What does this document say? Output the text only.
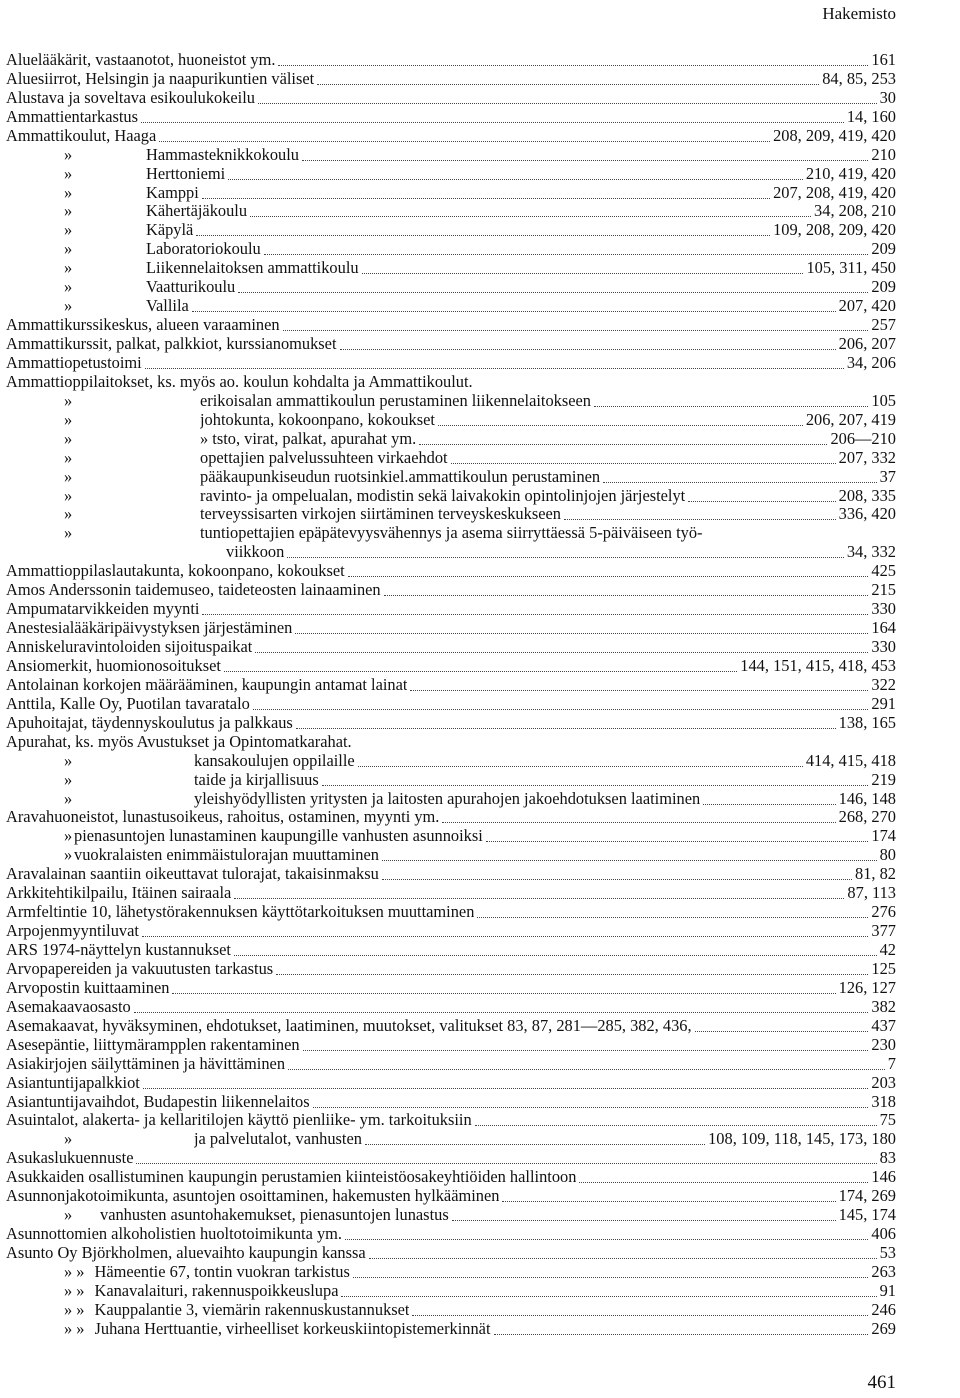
Hakemisto
Aluelääkärit, vastaanotot, huoneistot ym.	161
Aluesiirrot, Helsingin ja naapurikuntien väliset	84, 85, 253
Alustava ja soveltava esikoulukokeilu	30
Ammattientarkastus	14, 160
Ammattikoulut, Haaga	208, 209, 419, 420
»	Hammasteknikkokoulu	210
»	Herttoniemi	210, 419, 420
»	Kamppi	207, 208, 419, 420
»	Kähertäjäkoulu	34, 208, 210
»	Käpylä	109, 208, 209, 420
»	Laboratoriokoulu	209
»	Liikennelaitoksen ammattikoulu	105, 311, 450
»	Vaatturikoulu	209
»	Vallila	207, 420
Ammattikurssikeskus, alueen varaaminen	257
Ammattikurssit, palkat, palkkiot, kurssianomukset	206, 207
Ammattiopetustoimi	34, 206
Ammattioppilaitokset, ks. myös ao. koulun kohdalta ja Ammattikoulut.
»	erikoisalan ammattikoulun perustaminen liikennelaitokseen	105
»	johtokunta, kokoonpano, kokoukset	206, 207, 419
»	» tsto, virat, palkat, apurahat ym.	206—210
»	opettajien palvelussuhteen virkaehdot	207, 332
»	pääkaupunkiseudun ruotsinkiel.ammattikoulun perustaminen	37
»	ravinto- ja ompelualan, modistin sekä laivakokin opintolinjojen järjestelyt	208, 335
»	terveyssisarten virkojen siirtäminen terveyskeskukseen	336, 420
»	tuntiopettajien epäpätevyysvähennys ja asema siirryttäessä 5-päiväiseen työ-
viikkoon	34, 332
Ammattioppilaslautakunta, kokoonpano, kokoukset	425
Amos Anderssonin taidemuseo, taideteosten lainaaminen	215
Ampumatarvikkeiden myynti	330
Anestesialääkäripäivystyksen järjestäminen	164
Anniskeluravintoloiden sijoituspaikat	330
Ansiomerkit, huomionosoitukset	144, 151, 415, 418, 453
Antolainan korkojen määrääminen, kaupungin antamat lainat	322
Anttila, Kalle Oy, Puotilan tavaratalo	291
Apuhoitajat, täydennyskoulutus ja palkkaus	138, 165
Apurahat, ks. myös Avustukset ja Opintomatkarahat.
»	kansakoulujen oppilaille	414, 415, 418
»	taide ja kirjallisuus	219
»	yleishyödyllisten yritysten ja laitosten apurahojen jakoehdotuksen laatiminen	146, 148
Aravahuoneistot, lunastusoikeus, rahoitus, ostaminen, myynti ym.	268, 270
» pienasuntojen lunastaminen kaupungille vanhusten asunnoiksi	174
» vuokralaisten enimmäistulorajan muuttaminen	80
Aravalainan saantiin oikeuttavat tulorajat, takaisinmaksu	81, 82
Arkkitehtikilpailu, Itäinen sairaala	87, 113
Armfeltintie 10, lähetystörakennuksen käyttötarkoituksen muuttaminen	276
Arpojenmyyntiluvat	377
ARS 1974-näyttelyn kustannukset	42
Arvopapereiden ja vakuutusten tarkastus	125
Arvopostin kuittaaminen	126, 127
Asemakaavaosasto	382
Asemakaavat, hyväksyminen, ehdotukset, laatiminen, muutokset, valitukset 83, 87, 281—285, 382, 436,	437
Asesepäntie, liittymärampplen rakentaminen	230
Asiakirjojen säilyttäminen ja hävittäminen	7
Asiantuntijapalkkiot	203
Asiantuntijavaihdot, Budapestin liikennelaitos	318
Asuintalot, alakerta- ja kellaritilojen käyttö pienliike- ym. tarkoituksiin	75
»	ja palvelutalot, vanhusten	108, 109, 118, 145, 173, 180
Asukaslukuennuste	83
Asukkaiden osallistuminen kaupungin perustamien kiinteistöosakeyhtiöiden hallintoon	146
Asunnonjakotoimikunta, asuntojen osoittaminen, hakemusten hylkääminen	174, 269
»	vanhusten asuntohakemukset, pienasuntojen lunastus	145, 174
Asunnottomien alkoholistien huoltotoimikunta ym.	406
Asunto Oy Björkholmen, aluevaihto kaupungin kanssa	53
» » Hämeentie 67, tontin vuokran tarkistus	263
» » Kanavalaituri, rakennuspoikkeuslupa	91
» » Kauppalantie 3, viemärin rakennuskustannukset	246
» » Juhana Herttuantie, virheelliset korkeuskiintopistemerkinnät	269
461
